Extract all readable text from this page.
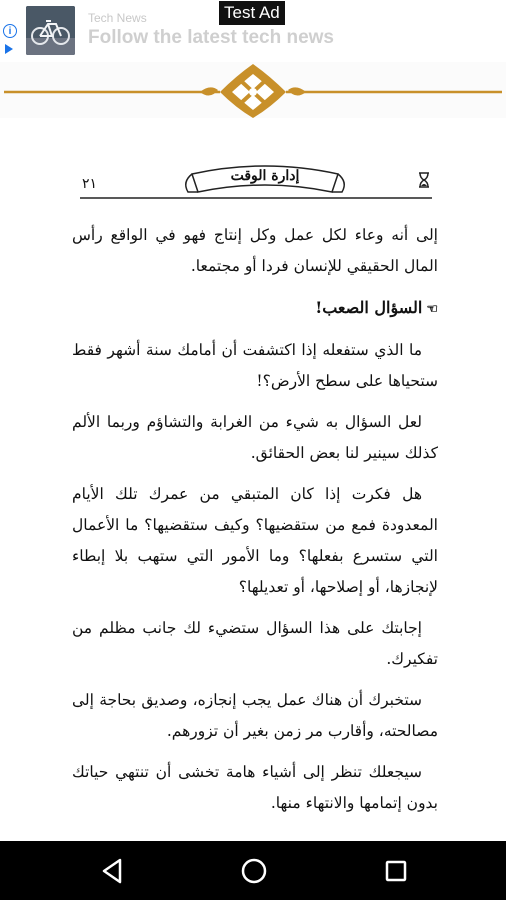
i
Tech News
Follow the latest tech news
Test Ad
٢١	إدارة الوقت

إلى أنه وعاء لكل عمل وكل إنتاج فهو في الواقع رأس المال الحقيقي للإنسان فردا أو مجتمعا.

☜السؤال الصعب!

ما الذي ستفعله إذا اكتشفت أن أمامك سنة أشهر فقط ستحياها على سطح الأرض؟!

لعل السؤال به شيء من الغرابة والتشاؤم وربما الألم كذلك سينير لنا بعض الحقائق.

هل فكرت إذا كان المتبقي من عمرك تلك الأيام المعدودة فمع من ستقضيها؟ وكيف ستقضيها؟ ما الأعمال التي ستسرع بفعلها؟ وما الأمور التي ستهب بلا إبطاء لإنجازها، أو إصلاحها، أو تعديلها؟

إجابتك على هذا السؤال ستضيء لك جانب مظلم من تفكيرك.

ستخبرك أن هناك عمل يجب إنجازه، وصديق بحاجة إلى مصالحته، وأقارب مر زمن بغير أن تزورهم.

سيجعلك تنظر إلى أشياء هامة تخشى أن تنتهي حياتك بدون إتمامها والانتهاء منها.
